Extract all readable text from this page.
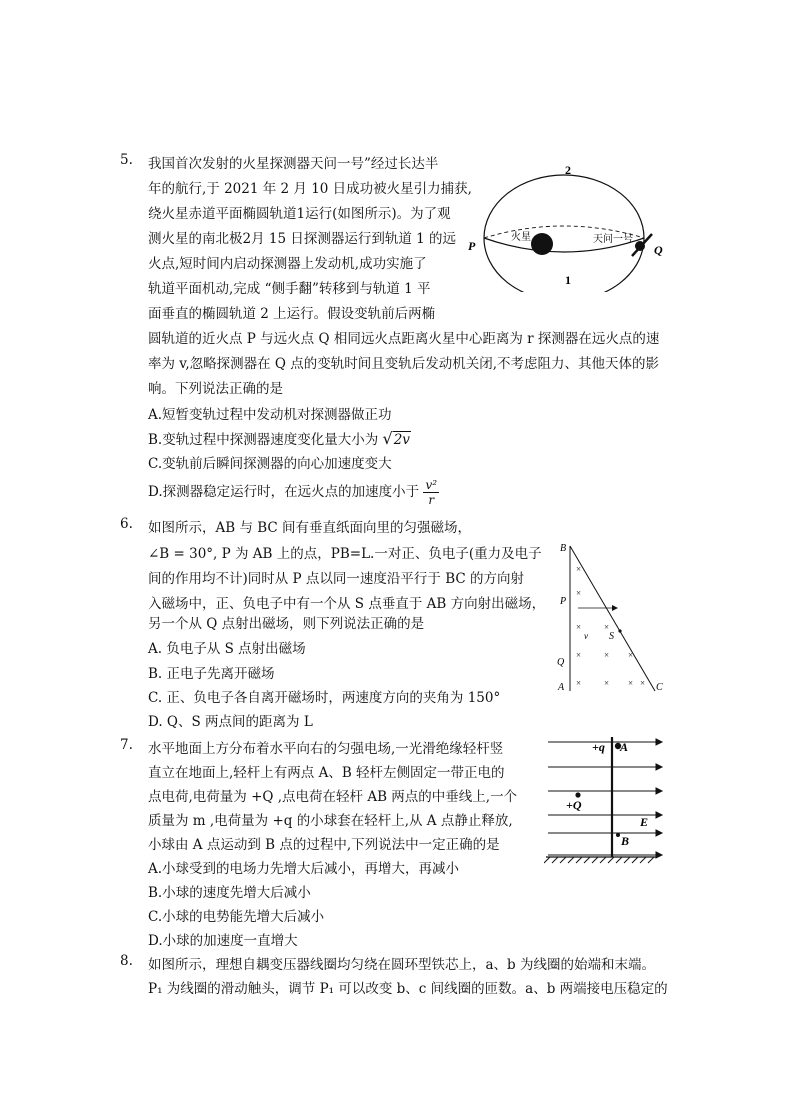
5. 我国首次发射的火星探测器天问一号”经过长达半
年的航行,于 2021 年 2 月 10 日成功被火星引力捕获,
绕火星赤道平面椭圆轨道1运行(如图所示)。为了观
测火星的南北极2月 15 日探测器运行到轨道 1 的远
火点,短时间内启动探测器上发动机,成功实施了
轨道平面机动,完成 “侧手翻”转移到与轨道 1 平
面垂直的椭圆轨道 2 上运行。假设变轨前后两椭
圆轨道的近火点 P 与远火点 Q 相同远火点距离火星中心距离为 r 探测器在远火点的速
率为 v,忽略探测器在 Q 点的变轨时间且变轨后发动机关闭,不考虑阻力、其他天体的影
响。下列说法正确的是
A.短暂变轨过程中发动机对探测器做正功
B.变轨过程中探测器速度变化量大小为 √2v
C.变轨前后瞬间探测器的向心加速度变大
D.探测器稳定运行时，在远火点的加速度小于 $\frac{\text{v²}}{r}$
2
1
P	Q
火星	天问一号
6. 如图所示，AB 与 BC 间有垂直纸面向里的匀强磁场，
∠B = 30°, P 为 AB 上的点，PB=L.一对正、负电子(重力及电子
间的作用均不计)同时从 P 点以同一速度沿平行于 BC 的方向射
入磁场中，正、负电子中有一个从 S 点垂直于 AB 方向射出磁场，
另一个从 Q 点射出磁场，则下列说法正确的是
A. 负电子从 S 点射出磁场
B. 正电子先离开磁场
C. 正、负电子各自离开磁场时，两速度方向的夹角为 150°
D. Q、S 两点间的距离为 L
B
P
Q
A	C
S
v
×
×
×	×
×	× ×
×	× × ×
7. 水平地面上方分布着水平向右的匀强电场,一光滑绝缘轻杆竖
直立在地面上,轻杆上有两点 A、B 轻杆左侧固定一带正电的
点电荷,电荷量为 +Q ,点电荷在轻杆 AB 两点的中垂线上,一个
质量为 m ,电荷量为 +q 的小球套在轻杆上,从 A 点静止释放,
小球由 A 点运动到 B 点的过程中,下列说法中一定正确的是
A.小球受到的电场力先增大后减小，再增大，再减小
B.小球的速度先增大后减小
C.小球的电势能先增大后减小
D.小球的加速度一直增大
+q A
+Q
E
B
8. 如图所示，理想自耦变压器线圈均匀绕在圆环型铁芯上，a、b 为线圈的始端和末端。
P₁ 为线圈的滑动触头，调节 P₁ 可以改变 b、c 间线圈的匝数。a、b 两端接电压稳定的
